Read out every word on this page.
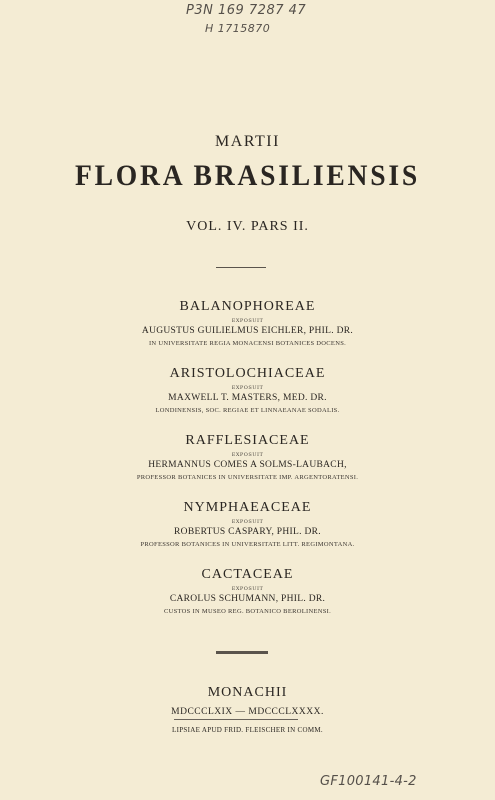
P3N 169 7287 47
H 1715870
MARTII
FLORA BRASILIENSIS
VOL. IV. PARS II.
BALANOPHOREAE
EXPOSUIT
AUGUSTUS GUILIELMUS EICHLER, PHIL. DR.
IN UNIVERSITATE REGIA MONACENSI BOTANICES DOCENS.
ARISTOLOCHIACEAE
EXPOSUIT
MAXWELL T. MASTERS, MED. DR.
LONDINENSIS, SOC. REGIAE ET LINNAEANAE SODALIS.
RAFFLESIACEAE
EXPOSUIT
HERMANNUS COMES A SOLMS-LAUBACH,
PROFESSOR BOTANICES IN UNIVERSITATE IMP. ARGENTORATENSI.
NYMPHAEACEAE
EXPOSUIT
ROBERTUS CASPARY, PHIL. DR.
PROFESSOR BOTANICES IN UNIVERSITATE LITT. REGIMONTANA.
CACTACEAE
EXPOSUIT
CAROLUS SCHUMANN, PHIL. DR.
CUSTOS IN MUSEO REG. BOTANICO BEROLINENSI.
MONACHII
MDCCCLXIX — MDCCCLXXXX.
LIPSIAE APUD FRID. FLEISCHER IN COMM.
GF100141-4-2
